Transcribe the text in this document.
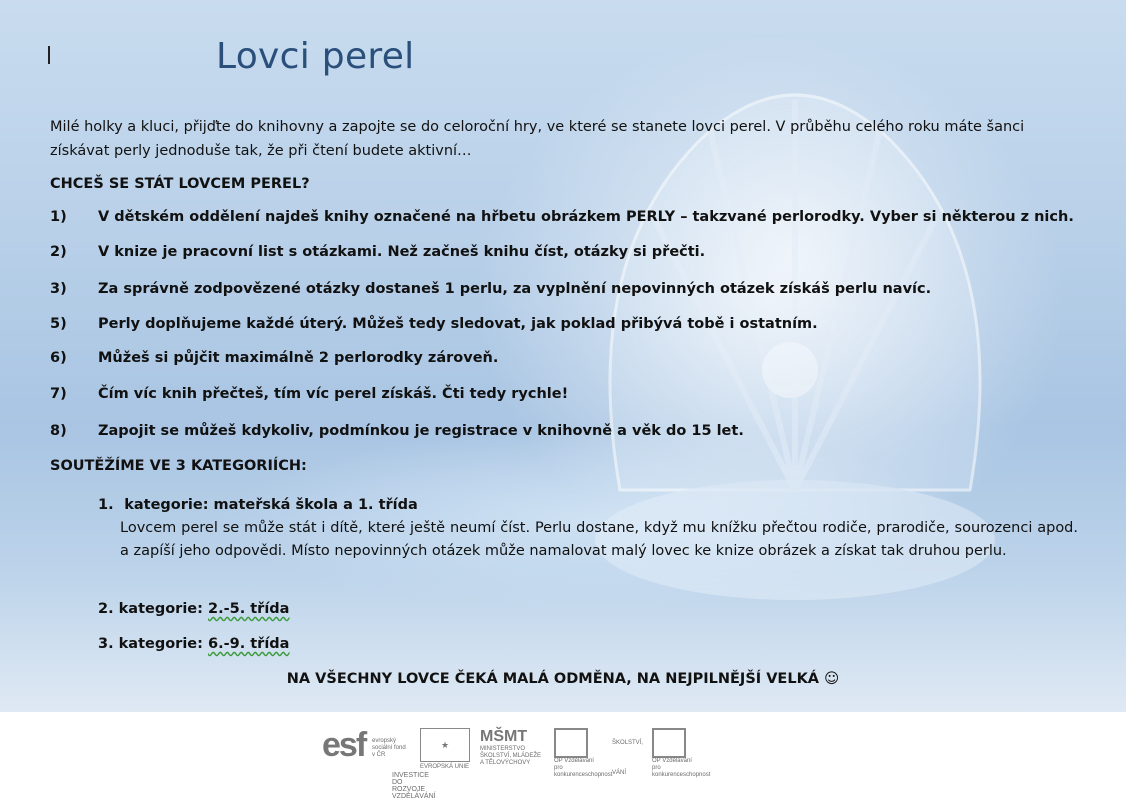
Lovci perel
Milé holky a kluci, přijďte do knihovny a zapojte se do celoroční hry, ve které se stanete lovci perel. V průběhu celého roku máte šanci získávat perly jednoduše tak, že při čtení budete aktivní…
CHCEŠ SE STÁT LOVCEM PEREL?
1) V dětském oddělení najdeš knihy označené na hřbetu obrázkem PERLY – takzvané perlorodky. Vyber si některou z nich.
2) V knize je pracovní list s otázkami. Než začneš knihu číst, otázky si přečti.
3) Za správně zodpovězené otázky dostaneš 1 perlu, za vyplnění nepovinných otázek získáš perlu navíc.
5) Perly doplňujeme každé úterý. Můžeš tedy sledovat, jak poklad přibývá tobě i ostatním.
6) Můžeš si půjčit maximálně 2 perlorodky zároveň.
7) Čím víc knih přečteš, tím víc perel získáš. Čti tedy rychle!
8) Zapojit se můžeš kdykoliv, podmínkou je registrace v knihovně a věk do 15 let.
SOUTĚŽÍME VE 3 KATEGORIÍCH:
1. kategorie: mateřská škola a 1. třída
Lovcem perel se může stát i dítě, které ještě neumí číst. Perlu dostane, když mu knížku přečtou rodiče, prarodiče, sourozenci apod. a zapíší jeho odpovědi. Místo nepovinných otázek může namalovat malý lovec ke knize obrázek a získat tak druhou perlu.
2. kategorie: 2.-5. třída
3. kategorie: 6.-9. třída
NA VŠECHNY LOVCE ČEKÁ MALÁ ODMĚNA, NA NEJPILNĚJŠÍ VELKÁ ☺
esf evropský sociální fond v ČR
★
EVROPSKÁ UNIE
MŠMT
MINISTERSTVO ŠKOLSTVÍ, MLÁDEŽE A TĚLOVÝCHOVY	OP Vzdělávání pro konkurenceschopnost
ŠKOLSTVÍ,
VÁNÍ
OP Vzdělávání pro konkurenceschopnost
INVESTICE DO ROZVOJE VZDĚLÁVÁNÍ
